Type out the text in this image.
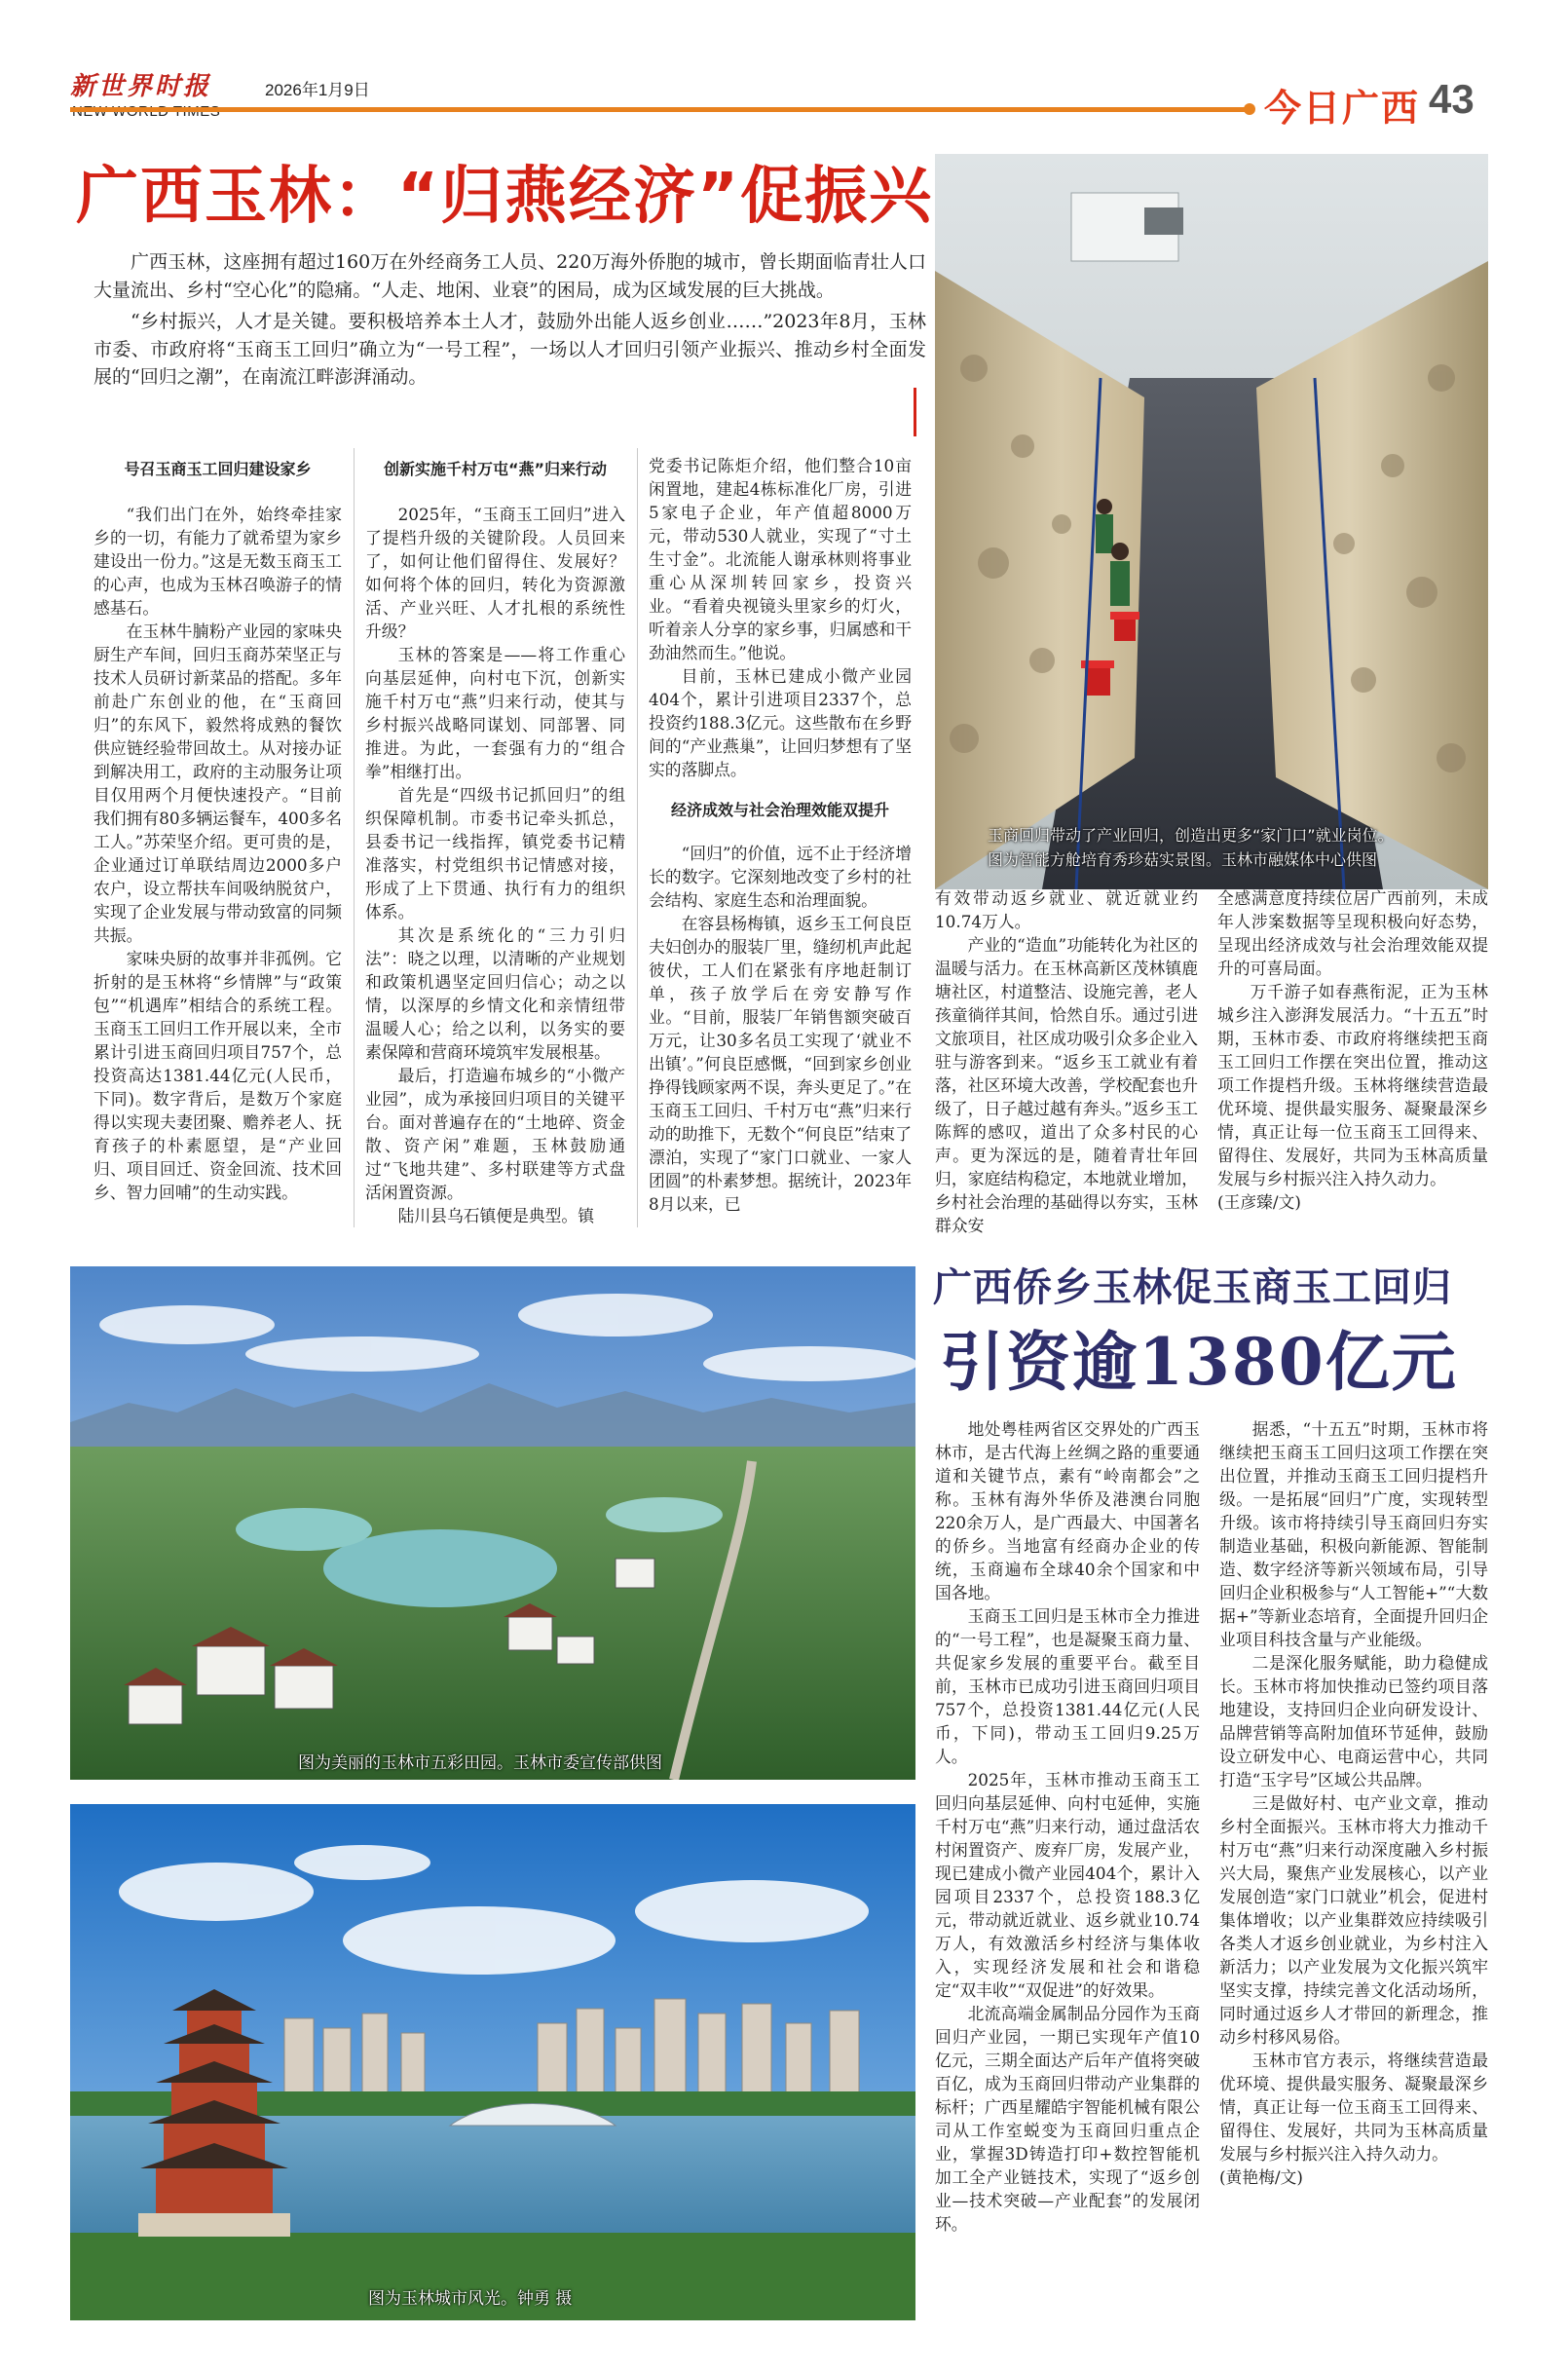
新世界时报	2026年1月9日	今日广西 43
广西玉林：“归燕经济”促振兴

广西玉林，这座拥有超过160万在外经商务工人员、220万海外侨胞的城市，曾长期面临青壮人口大量流出、乡村“空心化”的隐痛。“人走、地闲、业衰”的困局，成为区域发展的巨大挑战。

“乡村振兴，人才是关键。要积极培养本土人才，鼓励外出能人返乡创业……”2023年8月，玉林市委、市政府将“玉商玉工回归”确立为“一号工程”，一场以人才回归引领产业振兴、推动乡村全面发展的“回归之潮”，在南流江畔澎湃涌动。

玉商回归带动了产业回归，创造出更多“家门口”就业岗位。
图为智能方舱培育秀珍菇实景图。玉林市融媒体中心供图

号召玉商玉工回归建设家乡

“我们出门在外，始终牵挂家乡的一切，有能力了就希望为家乡建设出一份力。”这是无数玉商玉工的心声，也成为玉林召唤游子的情感基石。

在玉林牛腩粉产业园的家味央厨生产车间，回归玉商苏荣坚正与技术人员研讨新菜品的搭配。多年前赴广东创业的他，在“玉商回归”的东风下，毅然将成熟的餐饮供应链经验带回故土。从对接办证到解决用工，政府的主动服务让项目仅用两个月便快速投产。“目前我们拥有80多辆运餐车，400多名工人。”苏荣坚介绍。更可贵的是，企业通过订单联结周边2000多户农户，设立帮扶车间吸纳脱贫户，实现了企业发展与带动致富的同频共振。

家味央厨的故事并非孤例。它折射的是玉林将“乡情牌”与“政策包”“机遇库”相结合的系统工程。玉商玉工回归工作开展以来，全市累计引进玉商回归项目757个，总投资高达1381.44亿元(人民币，下同)。数字背后，是数万个家庭得以实现夫妻团聚、赡养老人、抚育孩子的朴素愿望，是“产业回归、项目回迁、资金回流、技术回乡、智力回哺”的生动实践。

创新实施千村万屯“燕”归来行动

2025年，“玉商玉工回归”进入了提档升级的关键阶段。人员回来了，如何让他们留得住、发展好？如何将个体的回归，转化为资源激活、产业兴旺、人才扎根的系统性升级？

玉林的答案是——将工作重心向基层延伸，向村屯下沉，创新实施千村万屯“燕”归来行动，使其与乡村振兴战略同谋划、同部署、同推进。为此，一套强有力的“组合拳”相继打出。

首先是“四级书记抓回归”的组织保障机制。市委书记牵头抓总，县委书记一线指挥，镇党委书记精准落实，村党组织书记情感对接，形成了上下贯通、执行有力的组织体系。

其次是系统化的“三力引归法”：晓之以理，以清晰的产业规划和政策机遇坚定回归信心；动之以情，以深厚的乡情文化和亲情纽带温暖人心；给之以利，以务实的要素保障和营商环境筑牢发展根基。

最后，打造遍布城乡的“小微产业园”，成为承接回归项目的关键平台。面对普遍存在的“土地碎、资金散、资产闲”难题，玉林鼓励通过“飞地共建”、多村联建等方式盘活闲置资源。

陆川县乌石镇便是典型。镇

党委书记陈炬介绍，他们整合10亩闲置地，建起4栋标准化厂房，引进5家电子企业，年产值超8000万元，带动530人就业，实现了“寸土生寸金”。北流能人谢承林则将事业重心从深圳转回家乡，投资兴业。“看着央视镜头里家乡的灯火，听着亲人分享的家乡事，归属感和干劲油然而生。”他说。

目前，玉林已建成小微产业园404个，累计引进项目2337个，总投资约188.3亿元。这些散布在乡野间的“产业燕巢”，让回归梦想有了坚实的落脚点。

经济成效与社会治理效能双提升

“回归”的价值，远不止于经济增长的数字。它深刻地改变了乡村的社会结构、家庭生态和治理面貌。

在容县杨梅镇，返乡玉工何良臣夫妇创办的服装厂里，缝纫机声此起彼伏，工人们在紧张有序地赶制订单，孩子放学后在旁安静写作业。“目前，服装厂年销售额突破百万元，让30多名员工实现了‘就业不出镇’。”何良臣感慨，“回到家乡创业挣得钱顾家两不误，奔头更足了。”在玉商玉工回归、千村万屯“燕”归来行动的助推下，无数个“何良臣”结束了漂泊，实现了“家门口就业、一家人团圆”的朴素梦想。据统计，2023年8月以来，已

有效带动返乡就业、就近就业约10.74万人。

产业的“造血”功能转化为社区的温暖与活力。在玉林高新区茂林镇鹿塘社区，村道整洁、设施完善，老人孩童徜徉其间，恰然自乐。通过引进文旅项目，社区成功吸引众多企业入驻与游客到来。“返乡玉工就业有着落，社区环境大改善，学校配套也升级了，日子越过越有奔头。”返乡玉工陈辉的感叹，道出了众多村民的心声。更为深远的是，随着青壮年回归，家庭结构稳定，本地就业增加，乡村社会治理的基础得以夯实，玉林群众安

全感满意度持续位居广西前列，未成年人涉案数据等呈现积极向好态势，呈现出经济成效与社会治理效能双提升的可喜局面。

万千游子如春燕衔泥，正为玉林城乡注入澎湃发展活力。“十五五”时期，玉林市委、市政府将继续把玉商玉工回归工作摆在突出位置，推动这项工作提档升级。玉林将继续营造最优环境、提供最实服务、凝聚最深乡情，真正让每一位玉商玉工回得来、留得住、发展好，共同为玉林高质量发展与乡村振兴注入持久动力。

(王彦臻/文)

图为美丽的玉林市五彩田园。玉林市委宣传部供图
图为玉林城市风光。钟勇 摄
广西侨乡玉林促玉商玉工回归
引资逾1380亿元

地处粤桂两省区交界处的广西玉林市，是古代海上丝绸之路的重要通道和关键节点，素有“岭南都会”之称。玉林有海外华侨及港澳台同胞220余万人，是广西最大、中国著名的侨乡。当地富有经商办企业的传统，玉商遍布全球40余个国家和中国各地。

玉商玉工回归是玉林市全力推进的“一号工程”，也是凝聚玉商力量、共促家乡发展的重要平台。截至目前，玉林市已成功引进玉商回归项目757个，总投资1381.44亿元(人民币，下同)，带动玉工回归9.25万人。

2025年，玉林市推动玉商玉工回归向基层延伸、向村屯延伸，实施千村万屯“燕”归来行动，通过盘活农村闲置资产、废弃厂房，发展产业，现已建成小微产业园404个，累计入园项目2337个，总投资188.3亿元，带动就近就业、返乡就业10.74万人，有效激活乡村经济与集体收入，实现经济发展和社会和谐稳定“双丰收”“双促进”的好效果。

北流高端金属制品分园作为玉商回归产业园，一期已实现年产值10亿元，三期全面达产后年产值将突破百亿，成为玉商回归带动产业集群的标杆；广西星耀皓宇智能机械有限公司从工作室蜕变为玉商回归重点企业，掌握3D铸造打印+数控智能机加工全产业链技术，实现了“返乡创业—技术突破—产业配套”的发展闭环。

据悉，“十五五”时期，玉林市将继续把玉商玉工回归这项工作摆在突出位置，并推动玉商玉工回归提档升级。一是拓展“回归”广度，实现转型升级。该市将持续引导玉商回归夯实制造业基础，积极向新能源、智能制造、数字经济等新兴领域布局，引导回归企业积极参与“人工智能+”“大数据+”等新业态培育，全面提升回归企业项目科技含量与产业能级。

二是深化服务赋能，助力稳健成长。玉林市将加快推动已签约项目落地建设，支持回归企业向研发设计、品牌营销等高附加值环节延伸，鼓励设立研发中心、电商运营中心，共同打造“玉字号”区域公共品牌。

三是做好村、屯产业文章，推动乡村全面振兴。玉林市将大力推动千村万屯“燕”归来行动深度融入乡村振兴大局，聚焦产业发展核心，以产业发展创造“家门口就业”机会，促进村集体增收；以产业集群效应持续吸引各类人才返乡创业就业，为乡村注入新活力；以产业发展为文化振兴筑牢坚实支撑，持续完善文化活动场所，同时通过返乡人才带回的新理念，推动乡村移风易俗。

玉林市官方表示，将继续营造最优环境、提供最实服务、凝聚最深乡情，真正让每一位玉商玉工回得来、留得住、发展好，共同为玉林高质量发展与乡村振兴注入持久动力。

(黄艳梅/文)
